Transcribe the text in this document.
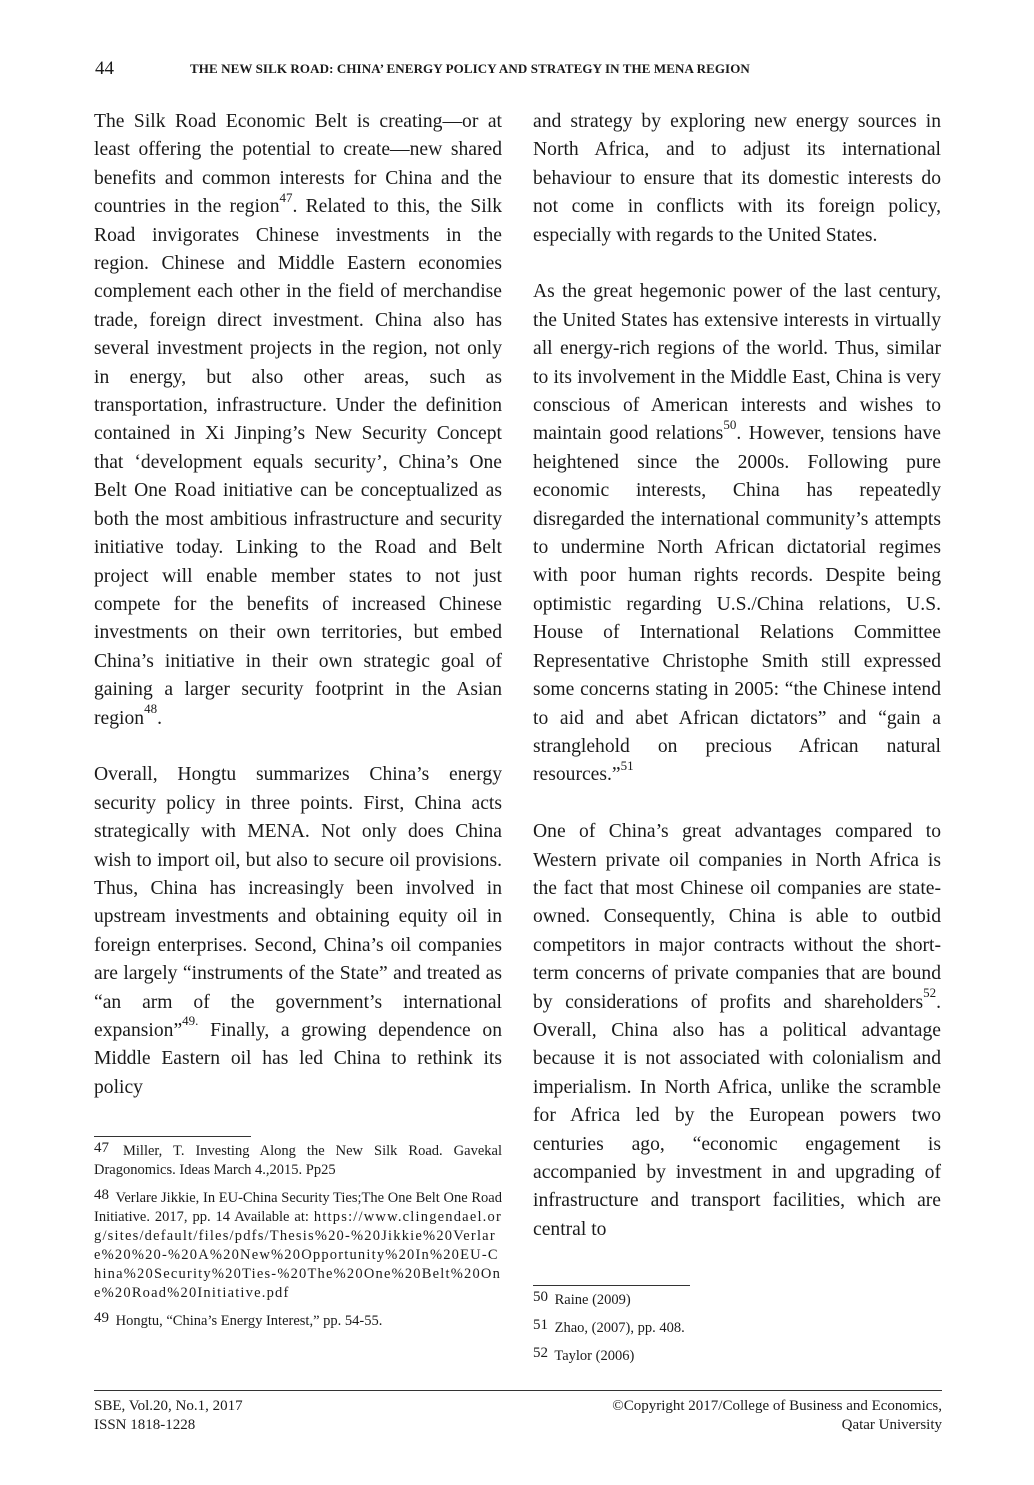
44	THE NEW SILK ROAD: CHINA’ ENERGY POLICY AND STRATEGY IN THE MENA REGION

The Silk Road Economic Belt is creating—or at least offering the potential to create—new shared benefits and common interests for China and the countries in the region$^{47}$. Related to this, the Silk Road invigorates Chinese investments in the region. Chinese and Middle Eastern economies complement each other in the field of merchandise trade, foreign direct investment. China also has several investment projects in the region, not only in energy, but also other areas, such as transportation, infrastructure. Under the definition contained in Xi Jinping’s New Security Concept that ‘development equals security’, China’s One Belt One Road initiative can be conceptualized as both the most ambitious infrastructure and security initiative today. Linking to the Road and Belt project will enable member states to not just compete for the benefits of increased Chinese investments on their own territories, but embed China’s initiative in their own strategic goal of gaining a larger security footprint in the Asian region$^{48}$.

Overall, Hongtu summarizes China’s energy security policy in three points. First, China acts strategically with MENA. Not only does China wish to import oil, but also to secure oil provisions. Thus, China has increasingly been involved in upstream investments and obtaining equity oil in foreign enterprises. Second, China’s oil companies are largely “instruments of the State” and treated as “an arm of the government’s international expansion”$^{49.}$ Finally, a growing dependence on Middle Eastern oil has led China to rethink its policy

and strategy by exploring new energy sources in North Africa, and to adjust its international behaviour to ensure that its domestic interests do not come in conflicts with its foreign policy, especially with regards to the United States.

As the great hegemonic power of the last century, the United States has extensive interests in virtually all energy-rich regions of the world. Thus, similar to its involvement in the Middle East, China is very conscious of American interests and wishes to maintain good relations$^{50}$. However, tensions have heightened since the 2000s. Following pure economic interests, China has repeatedly disregarded the international community’s attempts to undermine North African dictatorial regimes with poor human rights records. Despite being optimistic regarding U.S./China relations, U.S. House of International Relations Committee Representative Christophe Smith still expressed some concerns stating in 2005: “the Chinese intend to aid and abet African dictators” and “gain a stranglehold on precious African natural resources.”$^{51}$

One of China’s great advantages compared to Western private oil companies in North Africa is the fact that most Chinese oil companies are state-owned. Consequently, China is able to outbid competitors in major contracts without the short-term concerns of private companies that are bound by considerations of profits and shareholders$^{52}$. Overall, China also has a political advantage because it is not associated with colonialism and imperialism. In North Africa, unlike the scramble for Africa led by the European powers two centuries ago, “economic engagement is accompanied by investment in and upgrading of infrastructure and transport facilities, which are central to

47 Miller, T. Investing Along the New Silk Road. Gavekal Dragonomics. Ideas March 4.,2015. Pp25

48 Verlare Jikkie, In EU-China Security Ties;The One Belt One Road Initiative. 2017, pp. 14 Available at: https://www.clingendael.org/sites/default/files/pdfs/Thesis%20-%20Jikkie%20Verlare%20%20-%20A%20New%20Opportunity%20In%20EU-China%20Security%20Ties-%20The%20One%20Belt%20One%20Road%20Initiative.pdf

49 Hongtu, “China’s Energy Interest,” pp. 54-55.

50 Raine (2009)

51 Zhao, (2007), pp. 408.

52 Taylor (2006)

SBE, Vol.20, No.1, 2017
ISSN 1818-1228
©Copyright 2017/College of Business and Economics,
Qatar University
